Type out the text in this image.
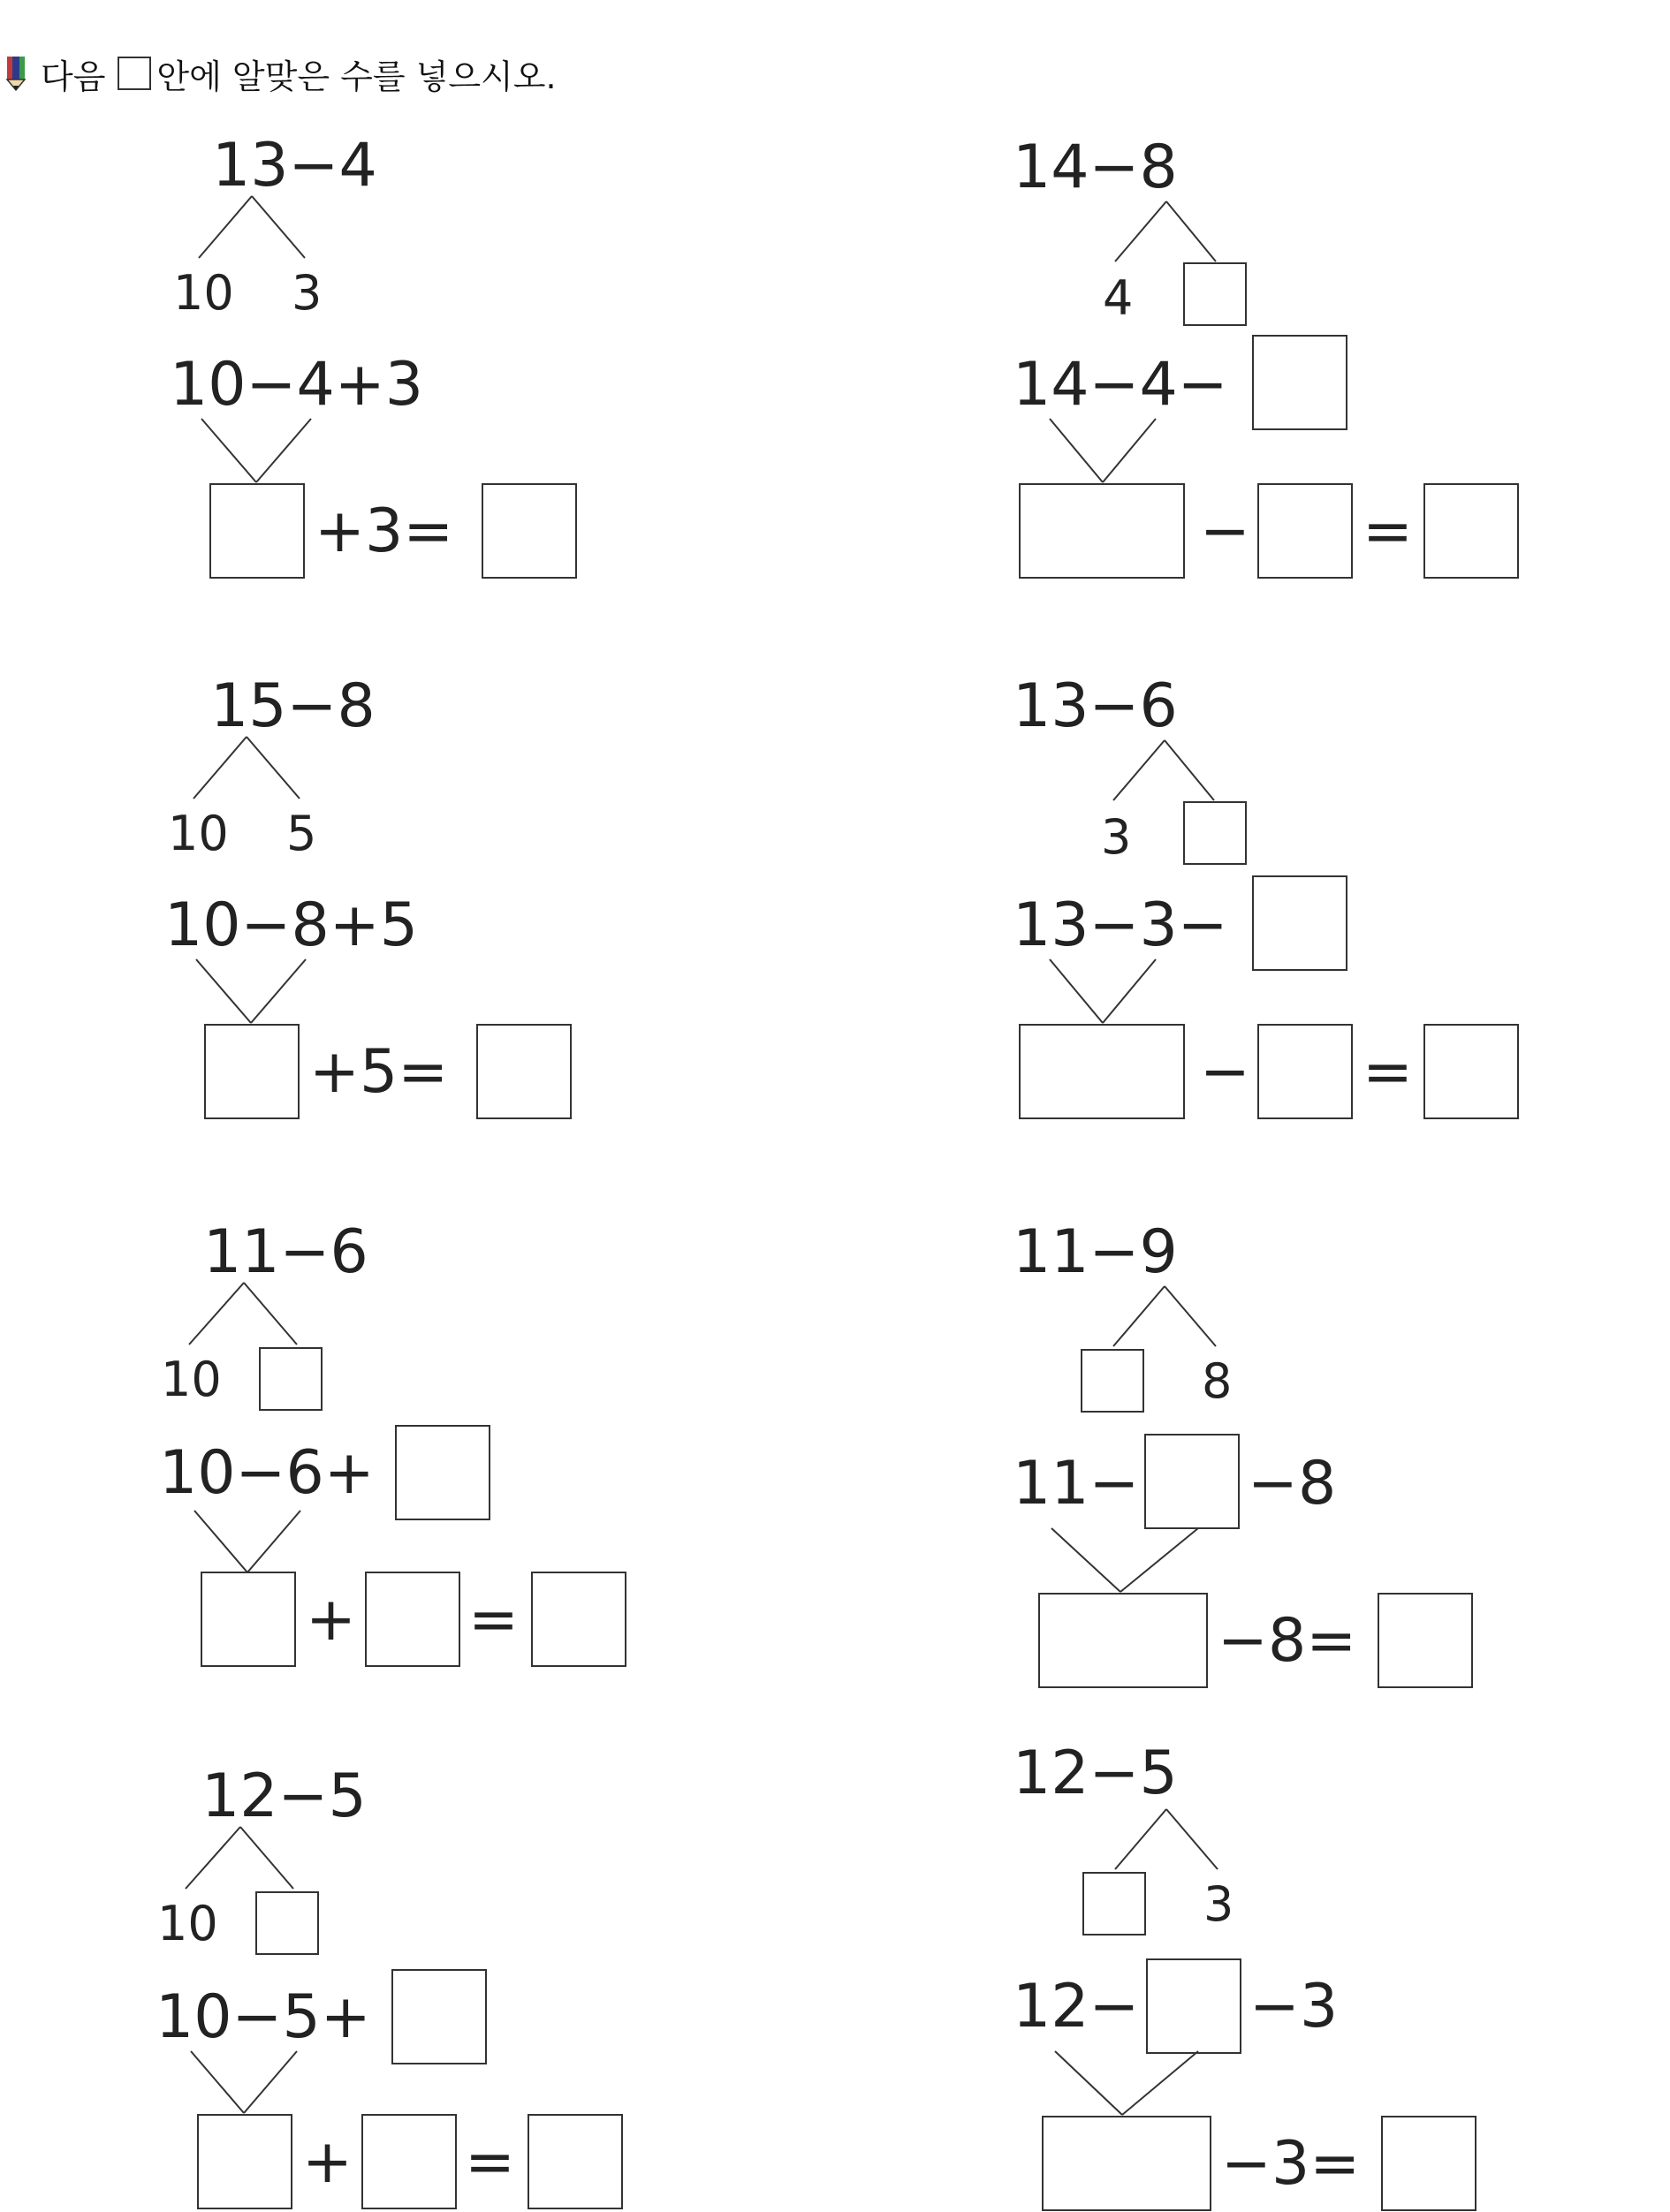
다음 안에 알맞은 수를 넣으시오.
13−4
10 3
10−4+3
+3=
15−8
10 5
10−8+5
+5=
11−6
10
10−6+
+ =
12−5
10
10−5+
+ =
14−8
4
14−4−
− =
13−6
3
13−3−
− =
11−9
8
11− −8
−8=
12−5
3
12− −3
−3=
